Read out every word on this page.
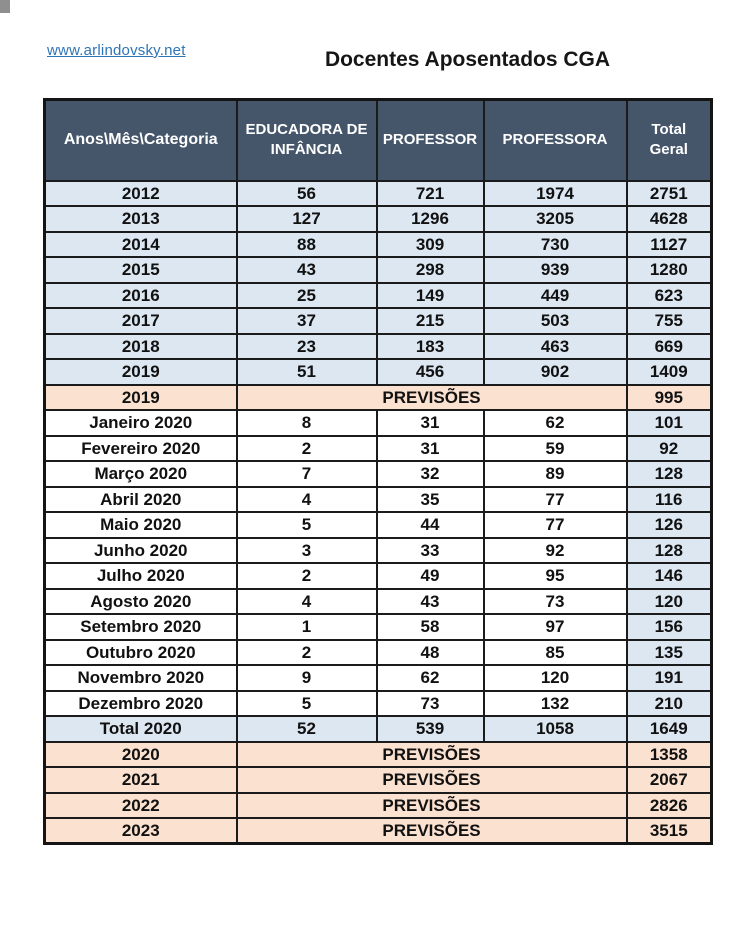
www.arlindovsky.net	Docentes Aposentados CGA
Anos\Mês\Categoria	EDUCADORA DE INFÂNCIA	PROFESSOR	PROFESSORA	Total Geral
2012	56	721	1974	2751
2013	127	1296	3205	4628
2014	88	309	730	1127
2015	43	298	939	1280
2016	25	149	449	623
2017	37	215	503	755
2018	23	183	463	669
2019	51	456	902	1409
2019	PREVISÕES			995
Janeiro 2020	8	31	62	101
Fevereiro 2020	2	31	59	92
Março 2020	7	32	89	128
Abril 2020	4	35	77	116
Maio 2020	5	44	77	126
Junho 2020	3	33	92	128
Julho 2020	2	49	95	146
Agosto 2020	4	43	73	120
Setembro 2020	1	58	97	156
Outubro 2020	2	48	85	135
Novembro 2020	9	62	120	191
Dezembro 2020	5	73	132	210
Total 2020	52	539	1058	1649
2020	PREVISÕES			1358
2021	PREVISÕES			2067
2022	PREVISÕES			2826
2023	PREVISÕES			3515
